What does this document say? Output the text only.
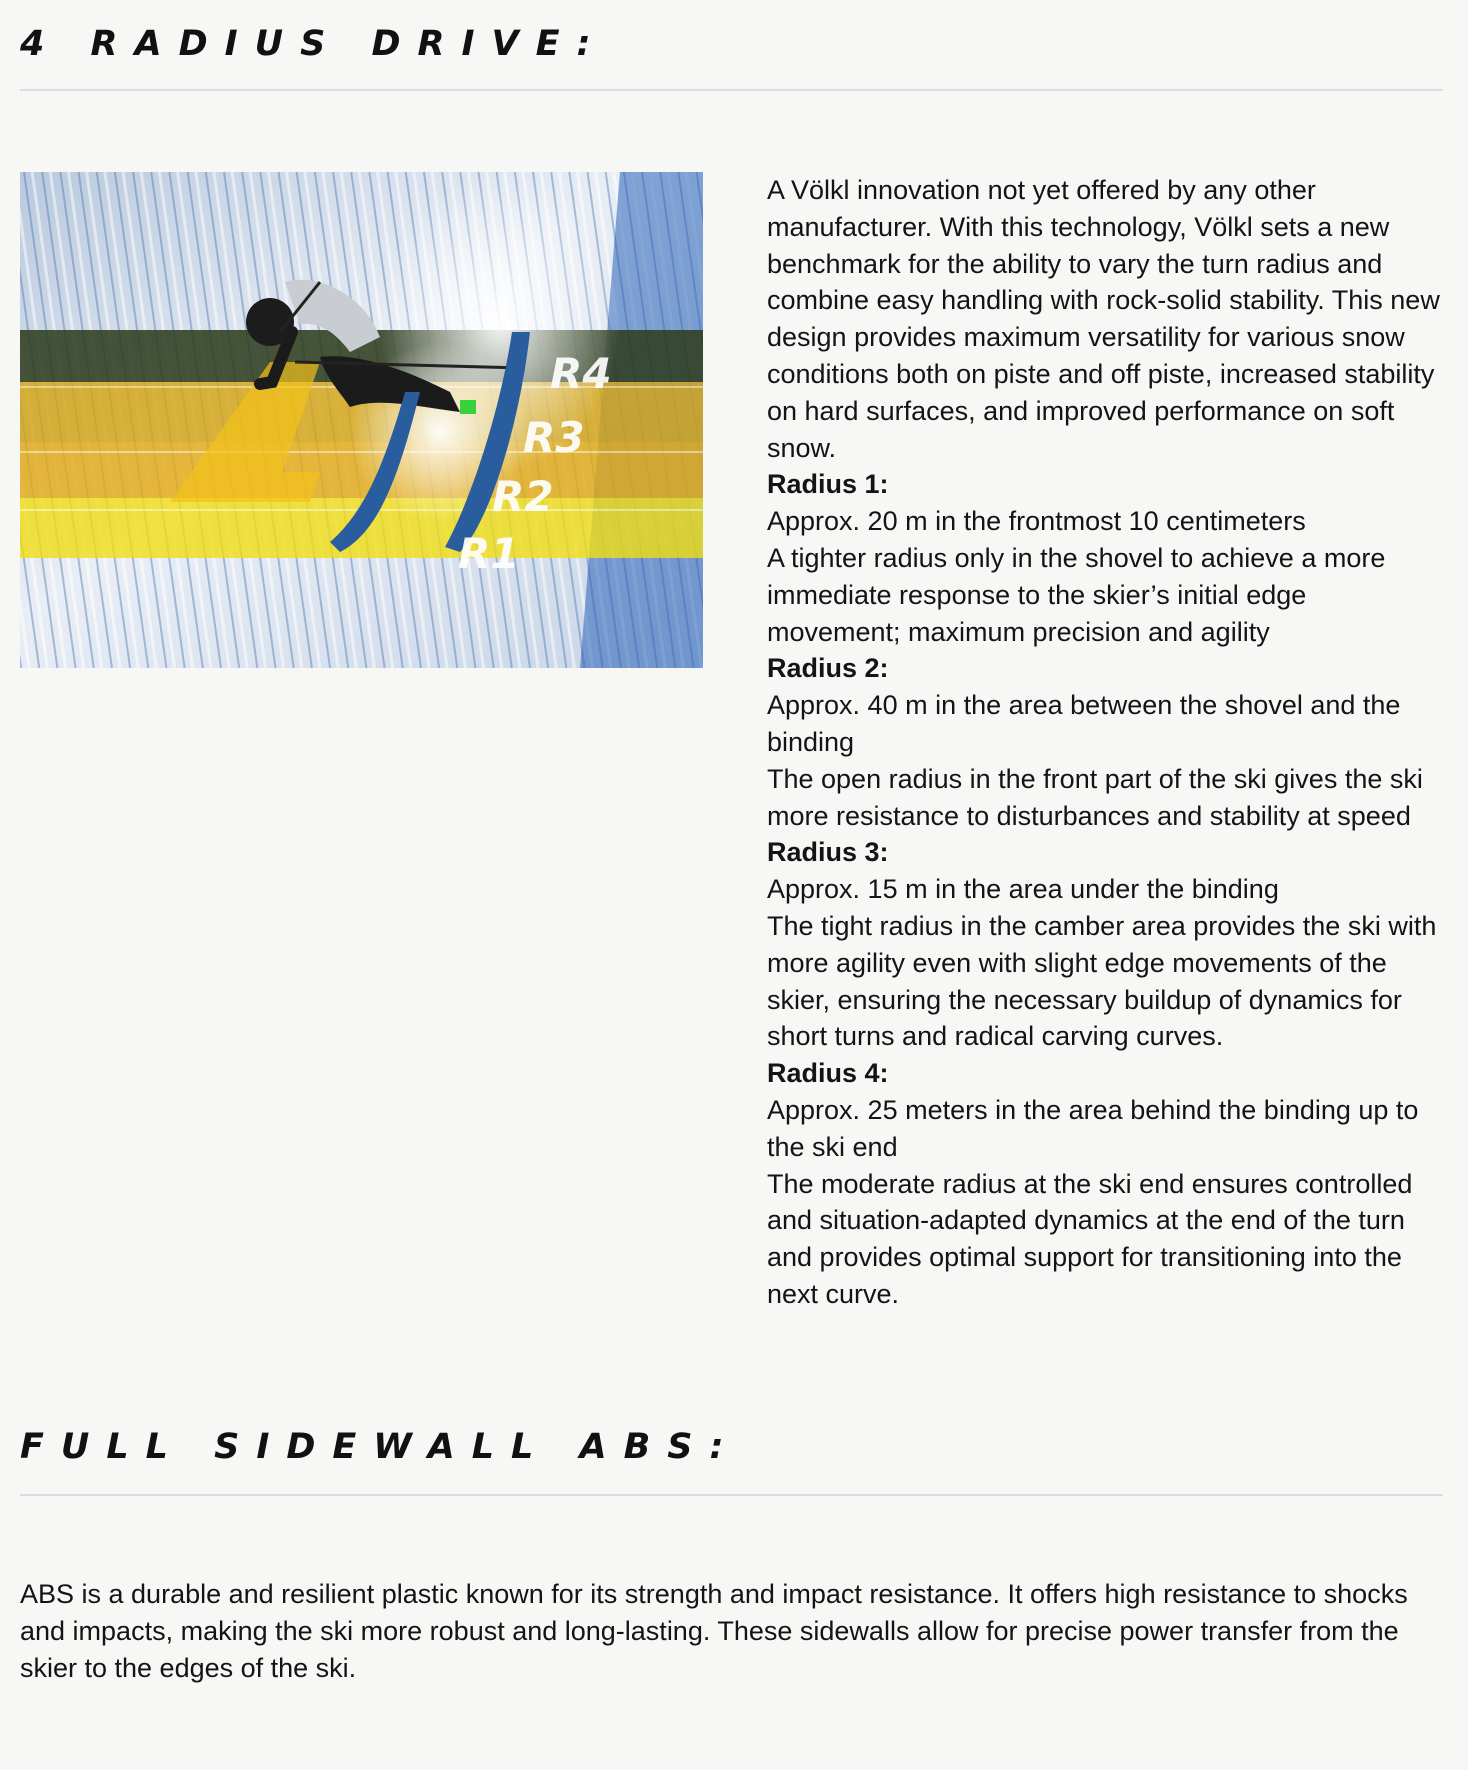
4 RADIUS DRIVE:
R4
R3
R2
R1

A Völkl innovation not yet offered by any other manufacturer. With this technology, Völkl sets a new benchmark for the ability to vary the turn radius and combine easy handling with rock-solid stability. This new design provides maximum versatility for various snow conditions both on piste and off piste, increased stability on hard surfaces, and improved performance on soft snow.

Radius 1:

Approx. 20 m in the frontmost 10 centimeters

A tighter radius only in the shovel to achieve a more immediate response to the skier’s initial edge movement; maximum precision and agility

Radius 2:

Approx. 40 m in the area between the shovel and the binding

The open radius in the front part of the ski gives the ski more resistance to disturbances and stability at speed

Radius 3:

Approx. 15 m in the area under the binding

The tight radius in the camber area provides the ski with more agility even with slight edge movements of the skier, ensuring the necessary buildup of dynamics for short turns and radical carving curves.

Radius 4:

Approx. 25 meters in the area behind the binding up to the ski end

The moderate radius at the ski end ensures controlled and situation-adapted dynamics at the end of the turn and provides optimal support for transitioning into the next curve.

FULL SIDEWALL ABS:

ABS is a durable and resilient plastic known for its strength and impact resistance. It offers high resistance to shocks and impacts, making the ski more robust and long-lasting. These sidewalls allow for precise power transfer from the skier to the edges of the ski.
